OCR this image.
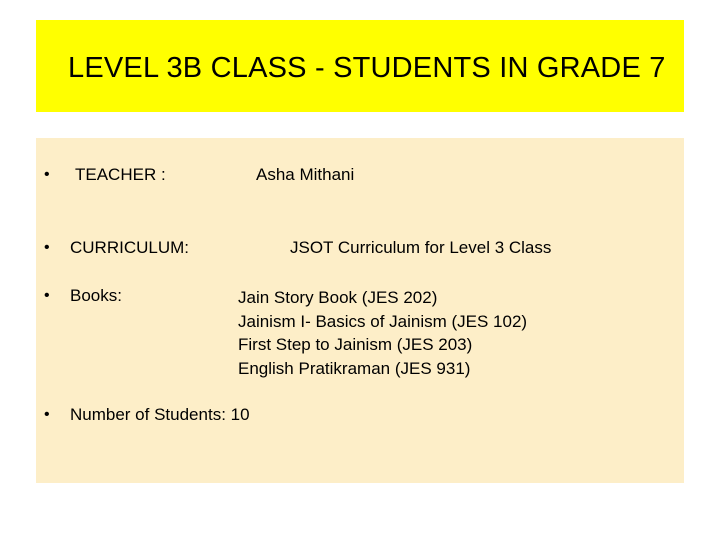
LEVEL 3B CLASS - STUDENTS IN GRADE 7
• TEACHER :	Asha Mithani
• CURRICULUM:	JSOT Curriculum for Level 3 Class
• Books:	Jain Story Book (JES 202)
Jainism I- Basics of Jainism (JES 102)
First Step to Jainism (JES 203)
English Pratikraman (JES 931)
• Number of Students: 10
